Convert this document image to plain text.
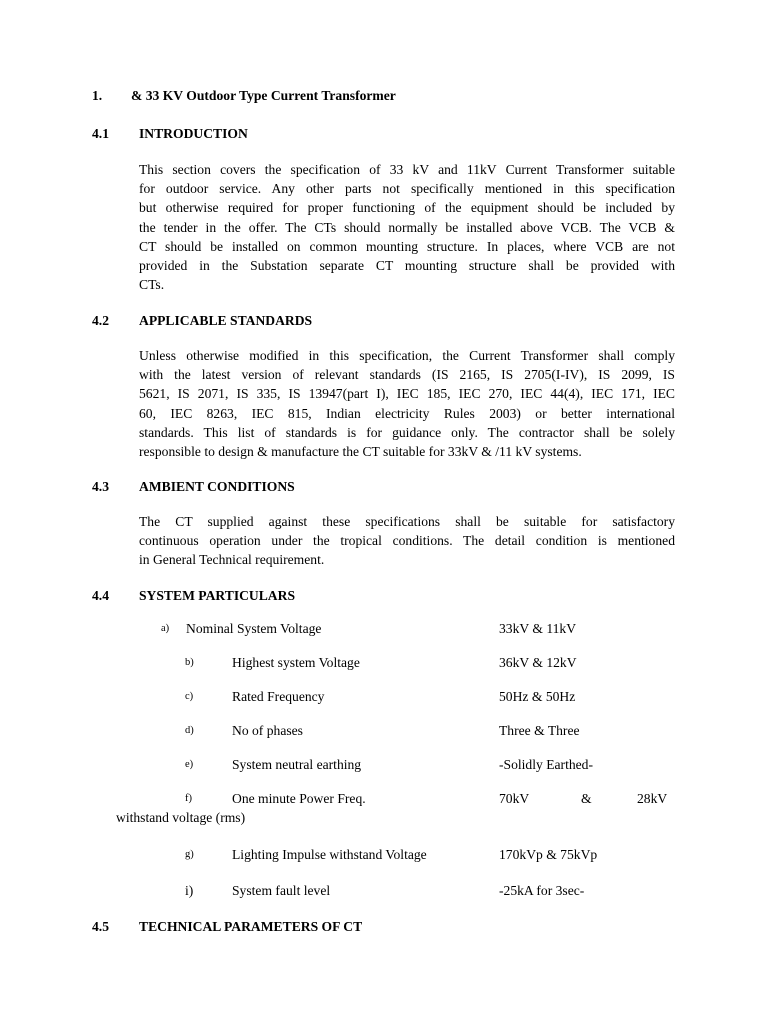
1. & 33 KV Outdoor Type Current Transformer
4.1 INTRODUCTION
This section covers the specification of 33 kV and 11kV Current Transformer suitable
for outdoor service. Any other parts not specifically mentioned in this specification
but otherwise required for proper functioning of the equipment should be included by
the tender in the offer. The CTs should normally be installed above VCB. The VCB &
CT should be installed on common mounting structure. In places, where VCB are not
provided in the Substation separate CT mounting structure shall be provided with
CTs.
4.2 APPLICABLE STANDARDS
Unless otherwise modified in this specification, the Current Transformer shall comply
with the latest version of relevant standards (IS 2165, IS 2705(I-IV), IS 2099, IS
5621, IS 2071, IS 335, IS 13947(part I), IEC 185, IEC 270, IEC 44(4), IEC 171, IEC
60, IEC 8263, IEC 815, Indian electricity Rules 2003) or better international
standards. This list of standards is for guidance only. The contractor shall be solely
responsible to design & manufacture the CT suitable for 33kV & /11 kV systems.
4.3 AMBIENT CONDITIONS
The CT supplied against these specifications shall be suitable for satisfactory
continuous operation under the tropical conditions. The detail condition is mentioned
in General Technical requirement.
4.4 SYSTEM PARTICULARS
a) Nominal System Voltage	33kV & 11kV
b)	Highest system Voltage	36kV & 12kV
c)	Rated Frequency	50Hz & 50Hz
d)	No of phases	Three & Three
e)	System neutral earthing	-Solidly Earthed-
f)	One minute Power Freq.	70kV	&	28kV
withstand voltage (rms)
g)	Lighting Impulse withstand Voltage	170kVp & 75kVp
i)	System fault level	-25kA for 3sec-
4.5 TECHNICAL PARAMETERS OF CT
